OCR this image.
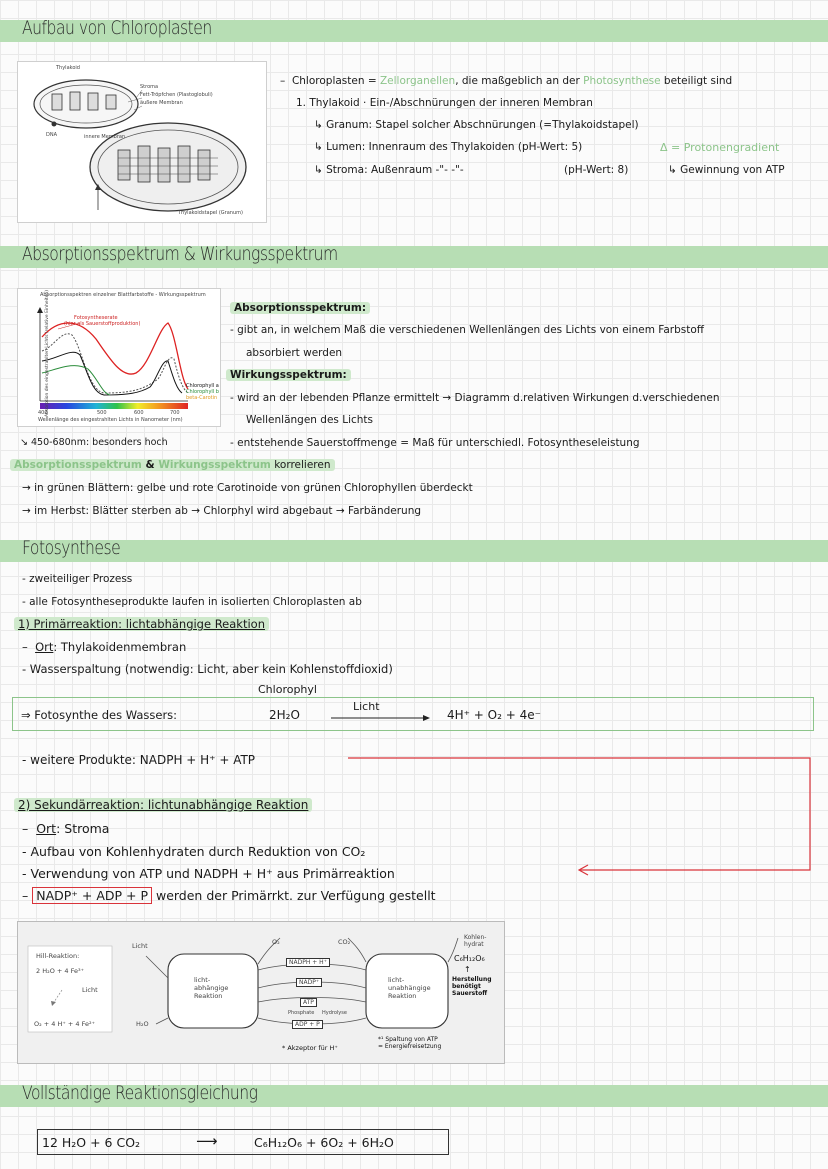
Aufbau von Chloroplasten
Thylakoid
Stroma
Fett-Tröpfchen (Plastoglobuli)
äußere Membran
DNA	innere Membran
Thylakoidstapel (Granum)
–  Chloroplasten = Zellorganellen, die maßgeblich an der Photosynthese beteiligt sind
1. Thylakoid · Ein-/Abschnürungen der inneren Membran
↳ Granum: Stapel solcher Abschnürungen (=Thylakoidstapel)
↳ Lumen: Innenraum des Thylakoiden (pH-Wert: 5)	Δ = Protonengradient
↳ Stroma: Außenraum -"- -"-	(pH-Wert: 8)	↳ Gewinnung von ATP
Absorptionsspektrum & Wirkungsspektrum
Absorptionsspektren einzelner Blattfarbstoffe - Wirkungsspektrum
Fotosyntheserate
(hier als Sauerstoffproduktion)
Chlorophyll a
Chlorophyll b
beta-Carotin
Absorption des eingestrahlten Lichts (relative Einheiten)
400	500	600	700
Wellenlänge des eingestrahlten Lichts in Nanometer (nm)
↘ 450-680nm: besonders hoch
Absorptionsspektrum:
- gibt an, in welchem Maß die verschiedenen Wellenlängen des Lichts von einem Farbstoff
absorbiert werden
Wirkungsspektrum:
- wird an der lebenden Pflanze ermittelt → Diagramm d.relativen Wirkungen d.verschiedenen
Wellenlängen des Lichts
- entstehende Sauerstoffmenge = Maß für unterschiedl. Fotosyntheseleistung
Absorptionsspektrum & Wirkungsspektrum korrelieren
→ in grünen Blättern: gelbe und rote Carotinoide von grünen Chlorophyllen überdeckt
→ im Herbst: Blätter sterben ab → Chlorphyl wird abgebaut → Farbänderung
Fotosynthese
- zweiteiliger Prozess
- alle Fotosyntheseprodukte laufen in isolierten Chloroplasten ab
1) Primärreaktion: lichtabhängige Reaktion
–  Ort: Thylakoidenmembran
- Wasserspaltung (notwendig: Licht, aber kein Kohlenstoffdioxid)
Chlorophyl
⇒ Fotosynthe des Wassers:	2H₂O
Licht
4H⁺ + O₂ + 4e⁻
- weitere Produkte: NADPH + H⁺ + ATP
2) Sekundärreaktion: lichtunabhängige Reaktion
–  Ort: Stroma
- Aufbau von Kohlenhydraten durch Reduktion von CO₂
- Verwendung von ATP und NADPH + H⁺ aus Primärreaktion
– NADP⁺ + ADP + P werden der Primärrkt. zur Verfügung gestellt
Hill-Reaktion:
2 H₂O + 4 Fe³⁺
Licht
O₂ + 4 H⁺ + 4 Fe²⁺
Licht
H₂O
licht-
abhängige
Reaktion
licht-
unabhängige
Reaktion
O₂	CO₂
NADPH + H⁺
NADP⁺
ATP
Phosphate Hydrolyse
ADP + P
Kohlen-
hydrat
C₆H₁₂O₆
↑
Herstellung
benötigt
Sauerstoff
* Akzeptor für H⁺
*¹ Spaltung von ATP
= Energiefreisetzung
Vollständige Reaktionsgleichung
12 H₂O + 6 CO₂	⟶	C₆H₁₂O₆ + 6O₂ + 6H₂O
